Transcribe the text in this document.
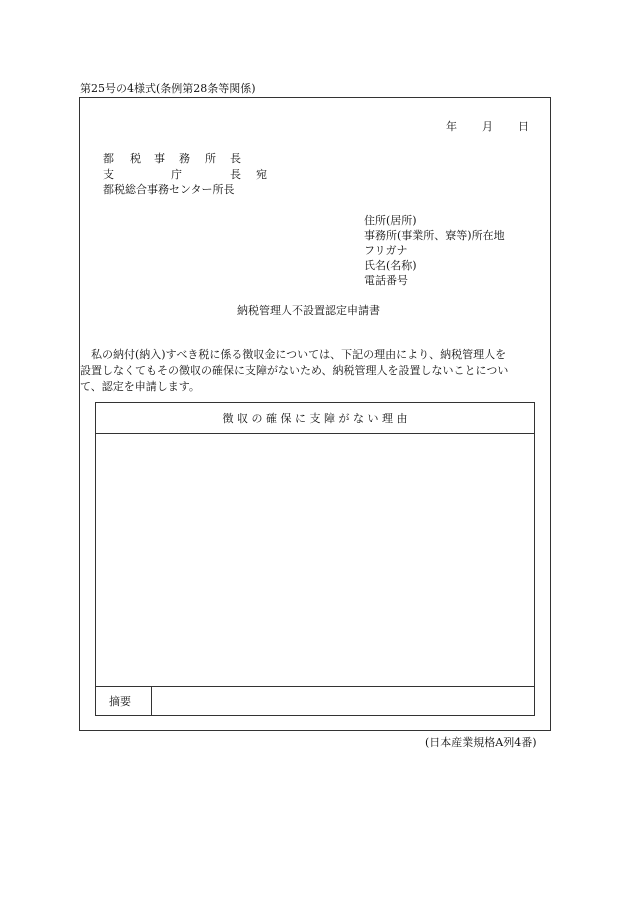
第25号の4様式(条例第28条等関係)
年 月 日
都 税 事 務 所 長
支	庁	長 宛
都税総合事務センター所長
住所(居所)
事務所(事業所、寮等)所在地
フリガナ
氏名(名称)
電話番号
納税管理人不設置認定申請書
　私の納付(納入)すべき税に係る徴収金については、下記の理由により、納税管理人を
設置しなくてもその徴収の確保に支障がないため、納税管理人を設置しないことについ
て、認定を申請します。
徴 収 の 確 保 に 支 障 が な い 理 由
摘要
(日本産業規格A列4番)
